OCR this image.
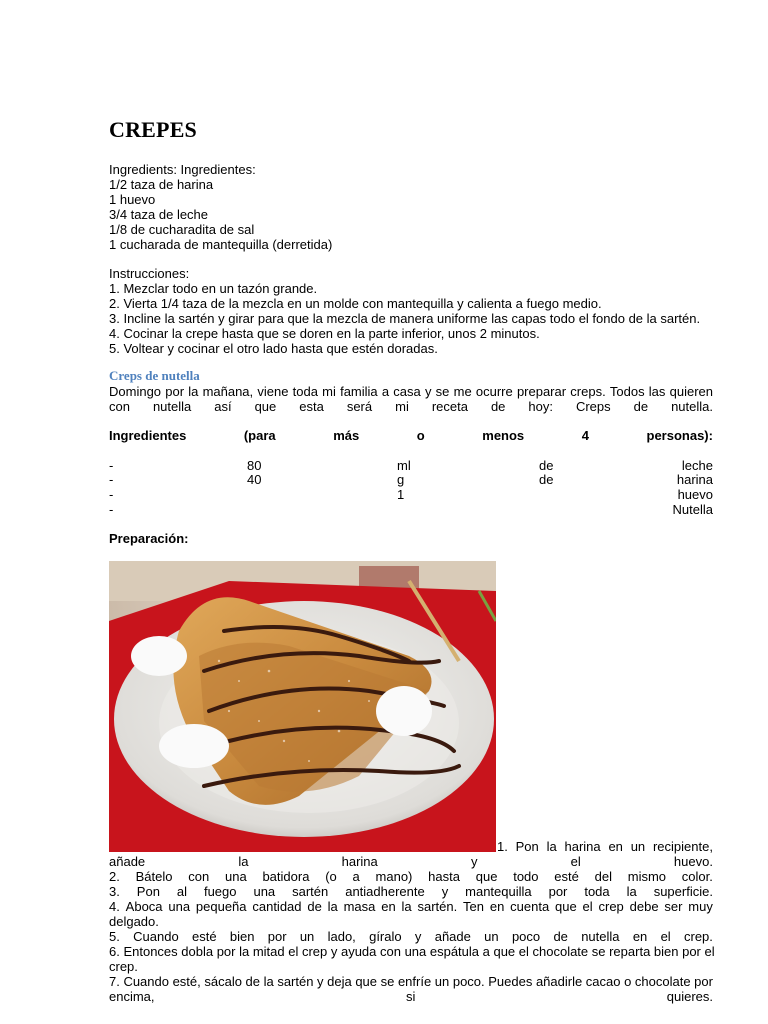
CREPES
Ingredients: Ingredientes:
1/2 taza de harina
1 huevo
3/4 taza de leche
1/8 de cucharadita de sal
1 cucharada de mantequilla (derretida)
Instrucciones:
1. Mezclar todo en un tazón grande.
2. Vierta 1/4 taza de la mezcla en un molde con mantequilla y calienta a fuego medio.
3. Incline la sartén y girar para que la mezcla de manera uniforme las capas todo el fondo de la sartén.
4. Cocinar la crepe hasta que se doren en la parte inferior, unos 2 minutos.
5. Voltear y cocinar el otro lado hasta que estén doradas.
Creps de nutella
Domingo por la mañana, viene toda mi familia a casa y se me ocurre preparar creps. Todos las quieren
con nutella así que esta será mi receta de hoy: Creps de nutella.
Ingredientes	(para	más	o	menos	4	personas):
-	80	ml	de	leche
-	40	g	de	harina
-	1	huevo
-	Nutella
Preparación:
1. Pon la harina en un recipiente,
añade	la	harina	y	el	huevo.
2. Bátelo con una batidora (o a mano) hasta que todo esté del mismo color.
3. Pon al fuego una sartén antiadherente y mantequilla por toda la superficie.
4. Aboca una pequeña cantidad de la masa en la sartén. Ten en cuenta que el crep debe ser muy
delgado.
5. Cuando esté bien por un lado, gíralo y añade un poco de nutella en el crep.
6. Entonces dobla por la mitad el crep y ayuda con una espátula a que el chocolate se reparta bien por el
crep.
7. Cuando esté, sácalo de la sartén y deja que se enfríe un poco. Puedes añadirle cacao o chocolate por
encima,	si	quieres.
